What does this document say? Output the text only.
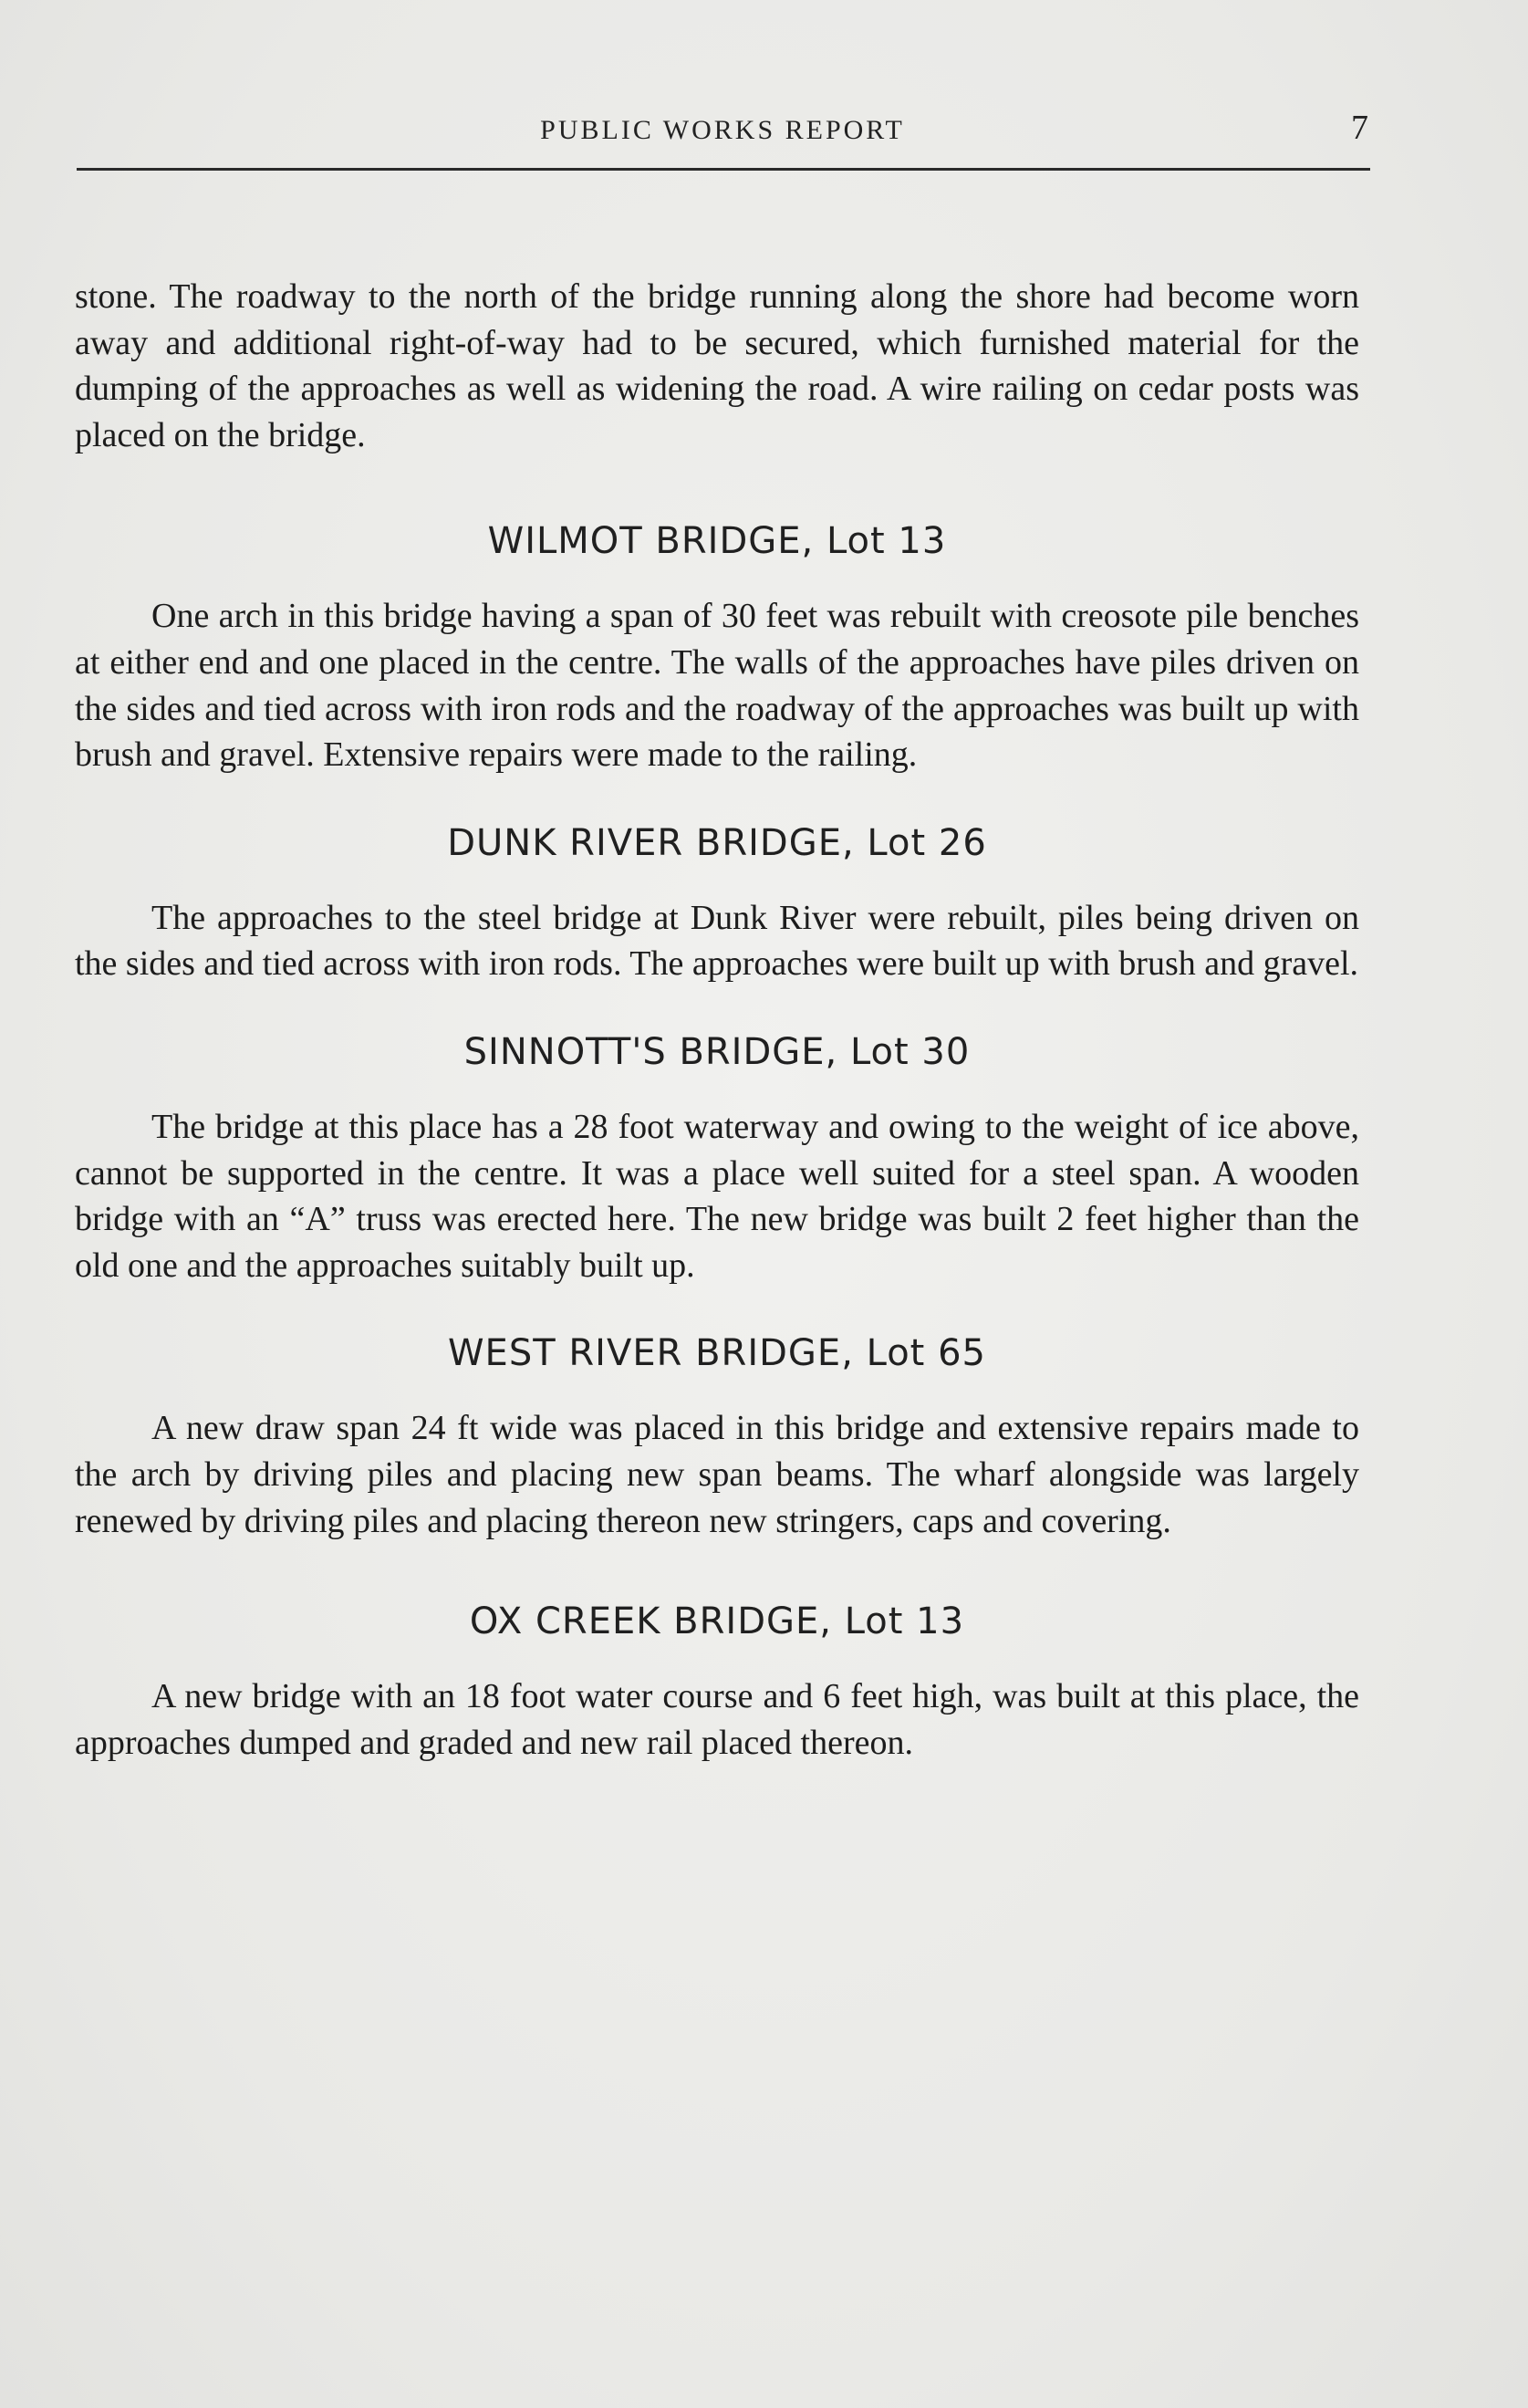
PUBLIC WORKS REPORT	7

stone. The roadway to the north of the bridge running along the shore had become worn away and additional right-of-way had to be secured, which furnished material for the dumping of the approaches as well as widening the road. A wire railing on cedar posts was placed on the bridge.

WILMOT BRIDGE, Lot 13

One arch in this bridge having a span of 30 feet was rebuilt with creosote pile benches at either end and one placed in the centre. The walls of the approaches have piles driven on the sides and tied across with iron rods and the roadway of the approaches was built up with brush and gravel. Extensive repairs were made to the railing.

DUNK RIVER BRIDGE, Lot 26

The approaches to the steel bridge at Dunk River were rebuilt, piles being driven on the sides and tied across with iron rods. The approaches were built up with brush and gravel.

SINNOTT'S BRIDGE, Lot 30

The bridge at this place has a 28 foot waterway and owing to the weight of ice above, cannot be supported in the centre. It was a place well suited for a steel span. A wooden bridge with an “A” truss was erected here. The new bridge was built 2 feet higher than the old one and the approaches suitably built up.

WEST RIVER BRIDGE, Lot 65

A new draw span 24 ft wide was placed in this bridge and extensive repairs made to the arch by driving piles and placing new span beams. The wharf alongside was largely renewed by driving piles and placing thereon new stringers, caps and covering.

OX CREEK BRIDGE, Lot 13

A new bridge with an 18 foot water course and 6 feet high, was built at this place, the approaches dumped and graded and new rail placed thereon.
